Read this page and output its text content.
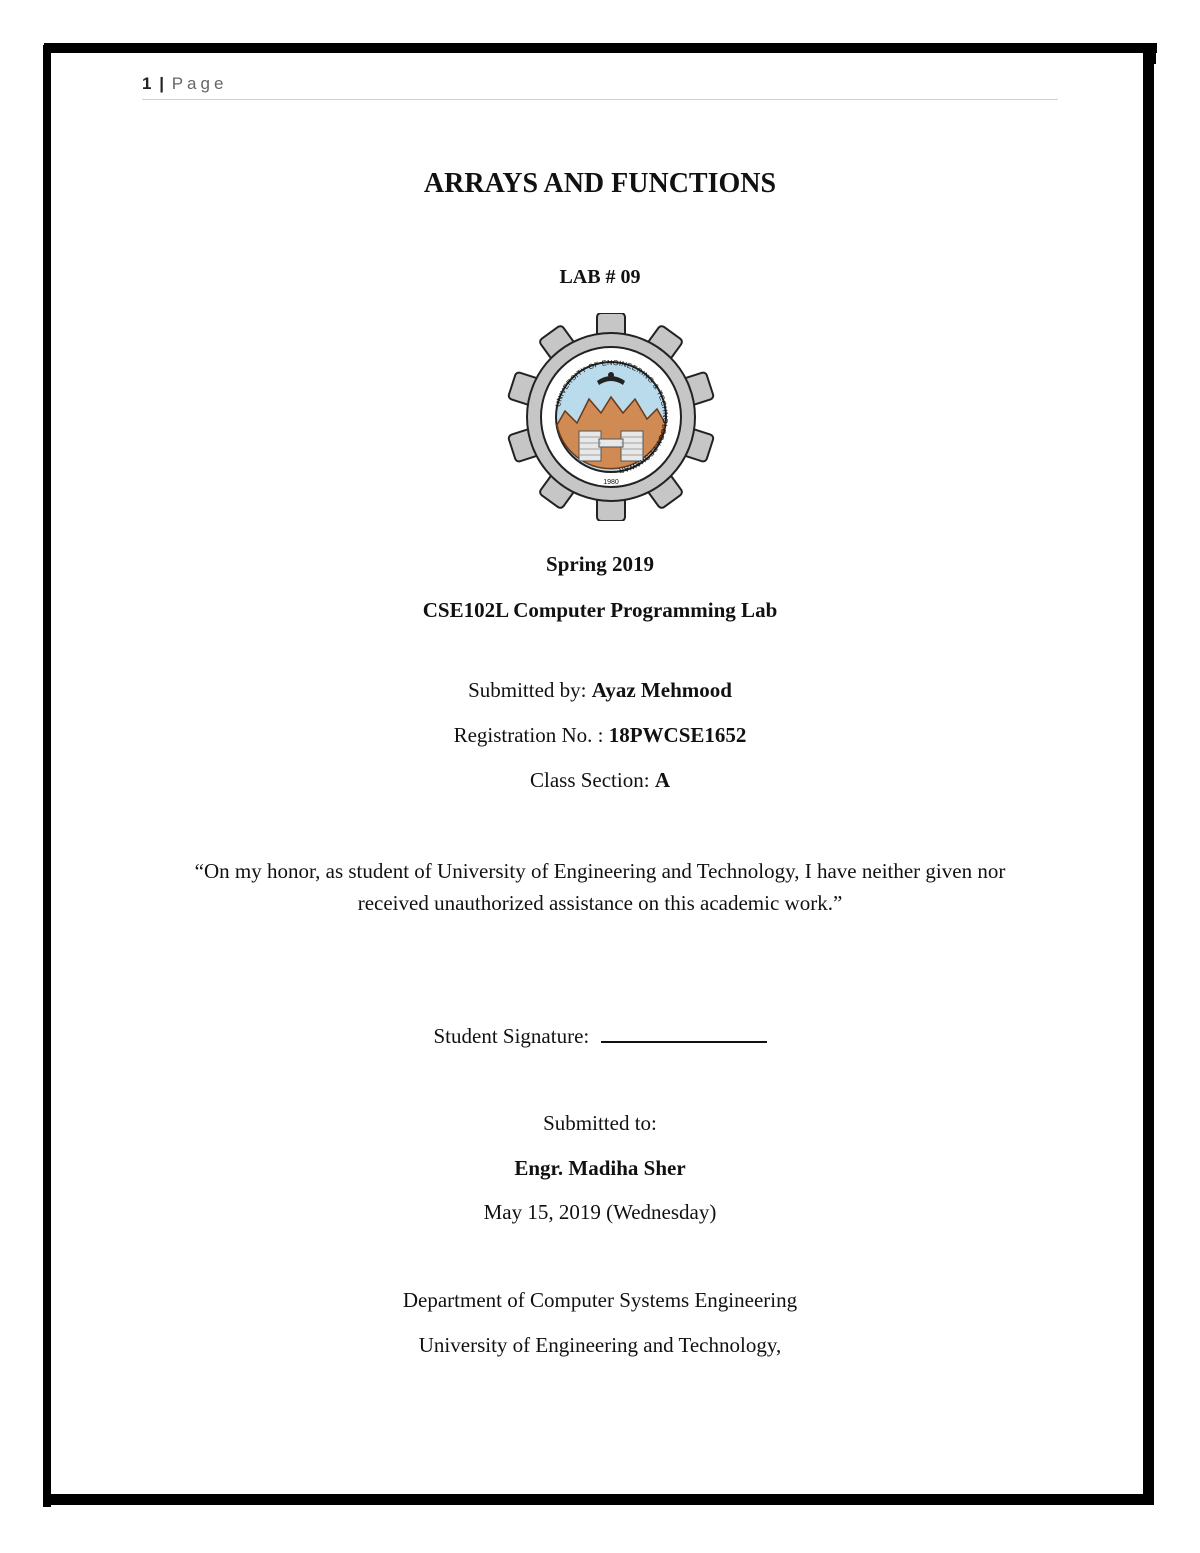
1 | Page
ARRAYS AND FUNCTIONS
LAB # 09
UNIVERSITY OF ENGINEERING & TECHNOLOGY PESHAWAR
1980
Spring 2019
CSE102L Computer Programming Lab
Submitted by: Ayaz Mehmood
Registration No. : 18PWCSE1652
Class Section: A
“On my honor, as student of University of Engineering and Technology, I have neither given nor
received unauthorized assistance on this academic work.”
Student Signature:
Submitted to:
Engr. Madiha Sher
May 15, 2019 (Wednesday)
Department of Computer Systems Engineering
University of Engineering and Technology,
